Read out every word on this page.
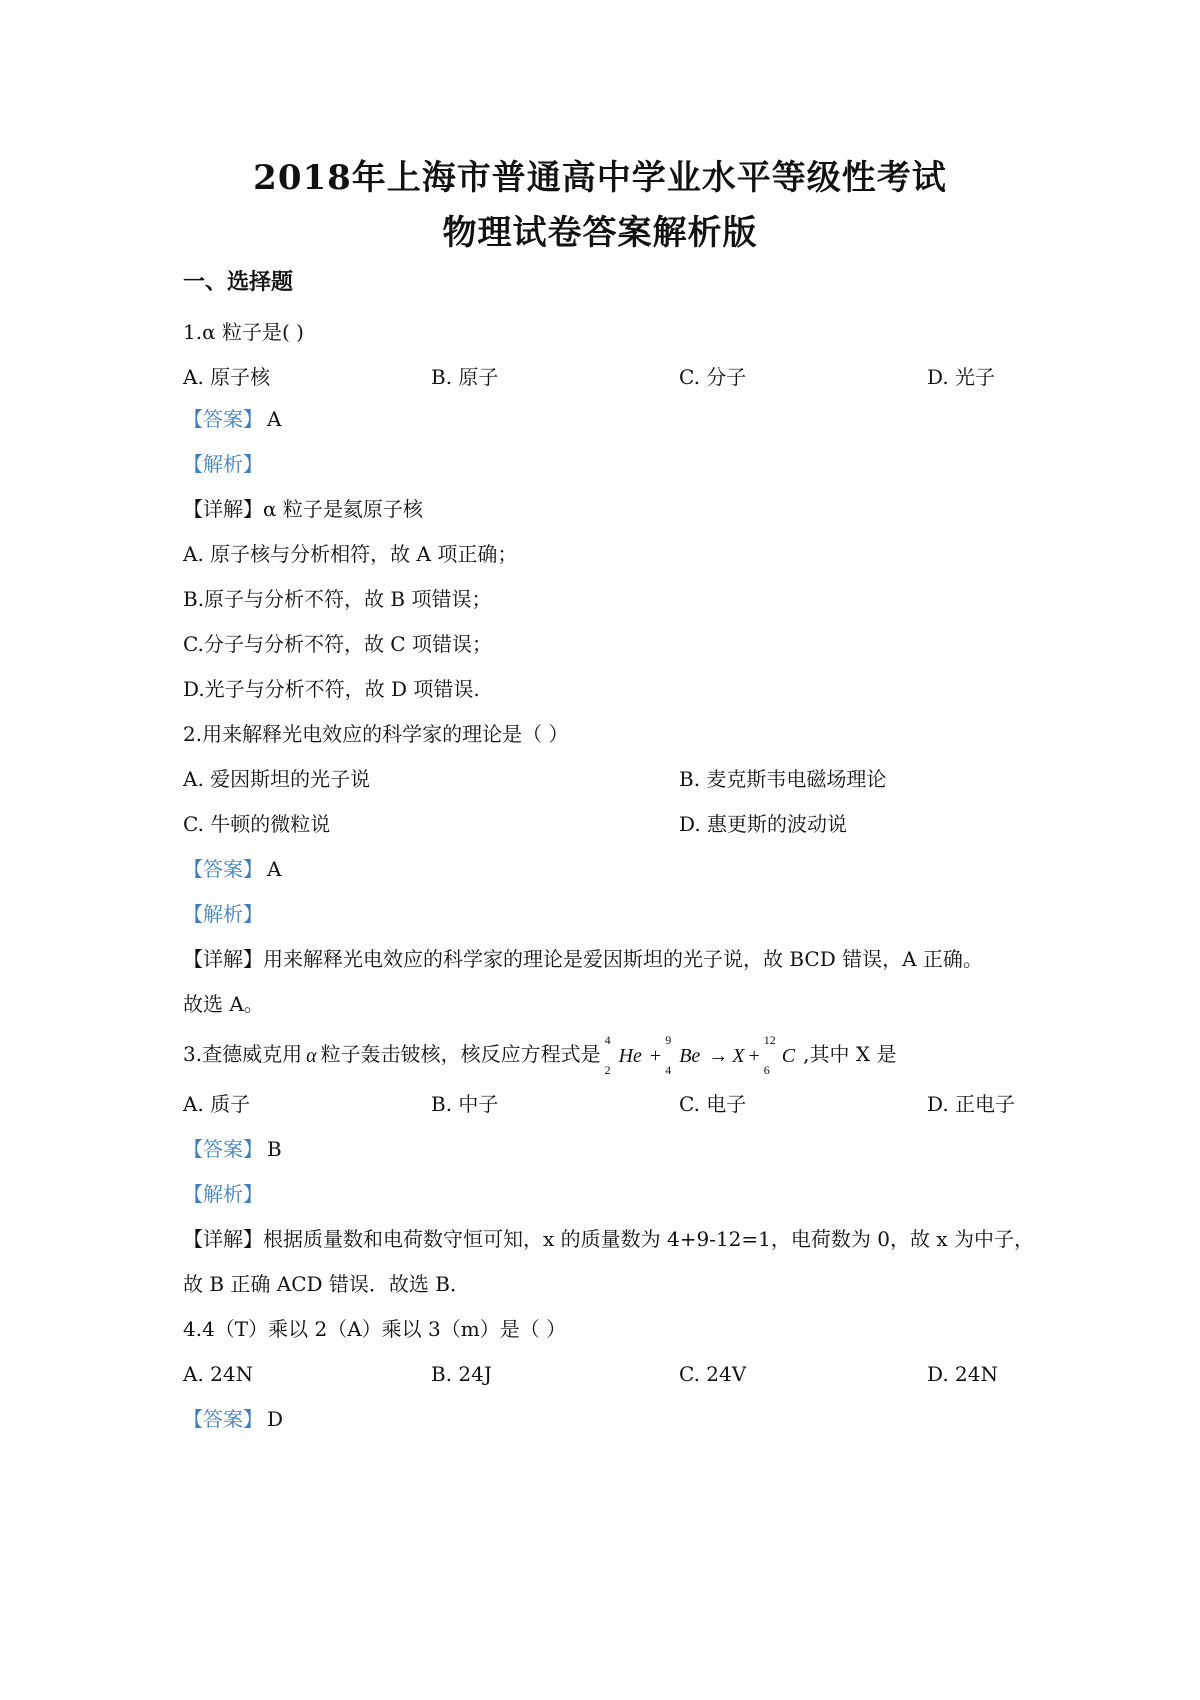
2018年上海市普通高中学业水平等级性考试
物理试卷答案解析版
一、选择题
1.α 粒子是( )
A. 原子核	B. 原子	C. 分子	D. 光子
【答案】 A
【解析】
【详解】α 粒子是氦原子核
A. 原子核与分析相符，故 A 项正确；
B.原子与分析不符，故 B 项错误；
C.分子与分析不符，故 C 项错误；
D.光子与分析不符，故 D 项错误.
2.用来解释光电效应的科学家的理论是（ ）
A. 爱因斯坦的光子说	B. 麦克斯韦电磁场理论
C. 牛顿的微粒说	D. 惠更斯的波动说
【答案】 A
【解析】
【详解】用来解释光电效应的科学家的理论是爱因斯坦的光子说，故 BCD 错误，A 正确。
故选 A。
3.查德威克用 α 粒子轰击铍核，核反应方程式是
4
2
He +
9
4
Be → X +
12
6
C ,其中 X 是
A. 质子	B. 中子	C. 电子	D. 正电子
【答案】 B
【解析】
【详解】根据质量数和电荷数守恒可知，x 的质量数为 4+9-12=1，电荷数为 0，故 x 为中子，
故 B 正确 ACD 错误．故选 B．
4.4（T）乘以 2（A）乘以 3（m）是（ ）
A. 24N	B. 24J	C. 24V	D. 24N
【答案】 D
